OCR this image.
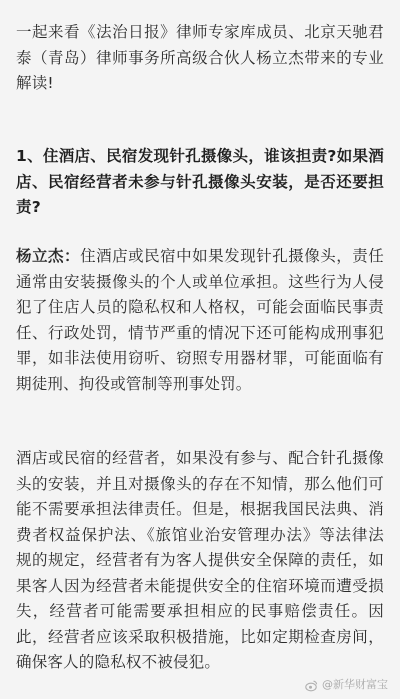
一起来看《法治日报》律师专家库成员、北京天驰君泰（青岛）律师事务所高级合伙人杨立杰带来的专业解读!

1、住酒店、民宿发现针孔摄像头，谁该担责?如果酒店、民宿经营者未参与针孔摄像头安装，是否还要担责?

杨立杰：住酒店或民宿中如果发现针孔摄像头，责任通常由安装摄像头的个人或单位承担。这些行为人侵犯了住店人员的隐私权和人格权，可能会面临民事责任、行政处罚，情节严重的情况下还可能构成刑事犯罪，如非法使用窃听、窃照专用器材罪，可能面临有期徒刑、拘役或管制等刑事处罚。

酒店或民宿的经营者，如果没有参与、配合针孔摄像头的安装，并且对摄像头的存在不知情，那么他们可能不需要承担法律责任。但是，根据我国民法典、消费者权益保护法、《旅馆业治安管理办法》等法律法规的规定，经营者有为客人提供安全保障的责任，如果客人因为经营者未能提供安全的住宿环境而遭受损失，经营者可能需要承担相应的民事赔偿责任。因此，经营者应该采取积极措施，比如定期检查房间，确保客人的隐私权不被侵犯。

@新华财富宝
